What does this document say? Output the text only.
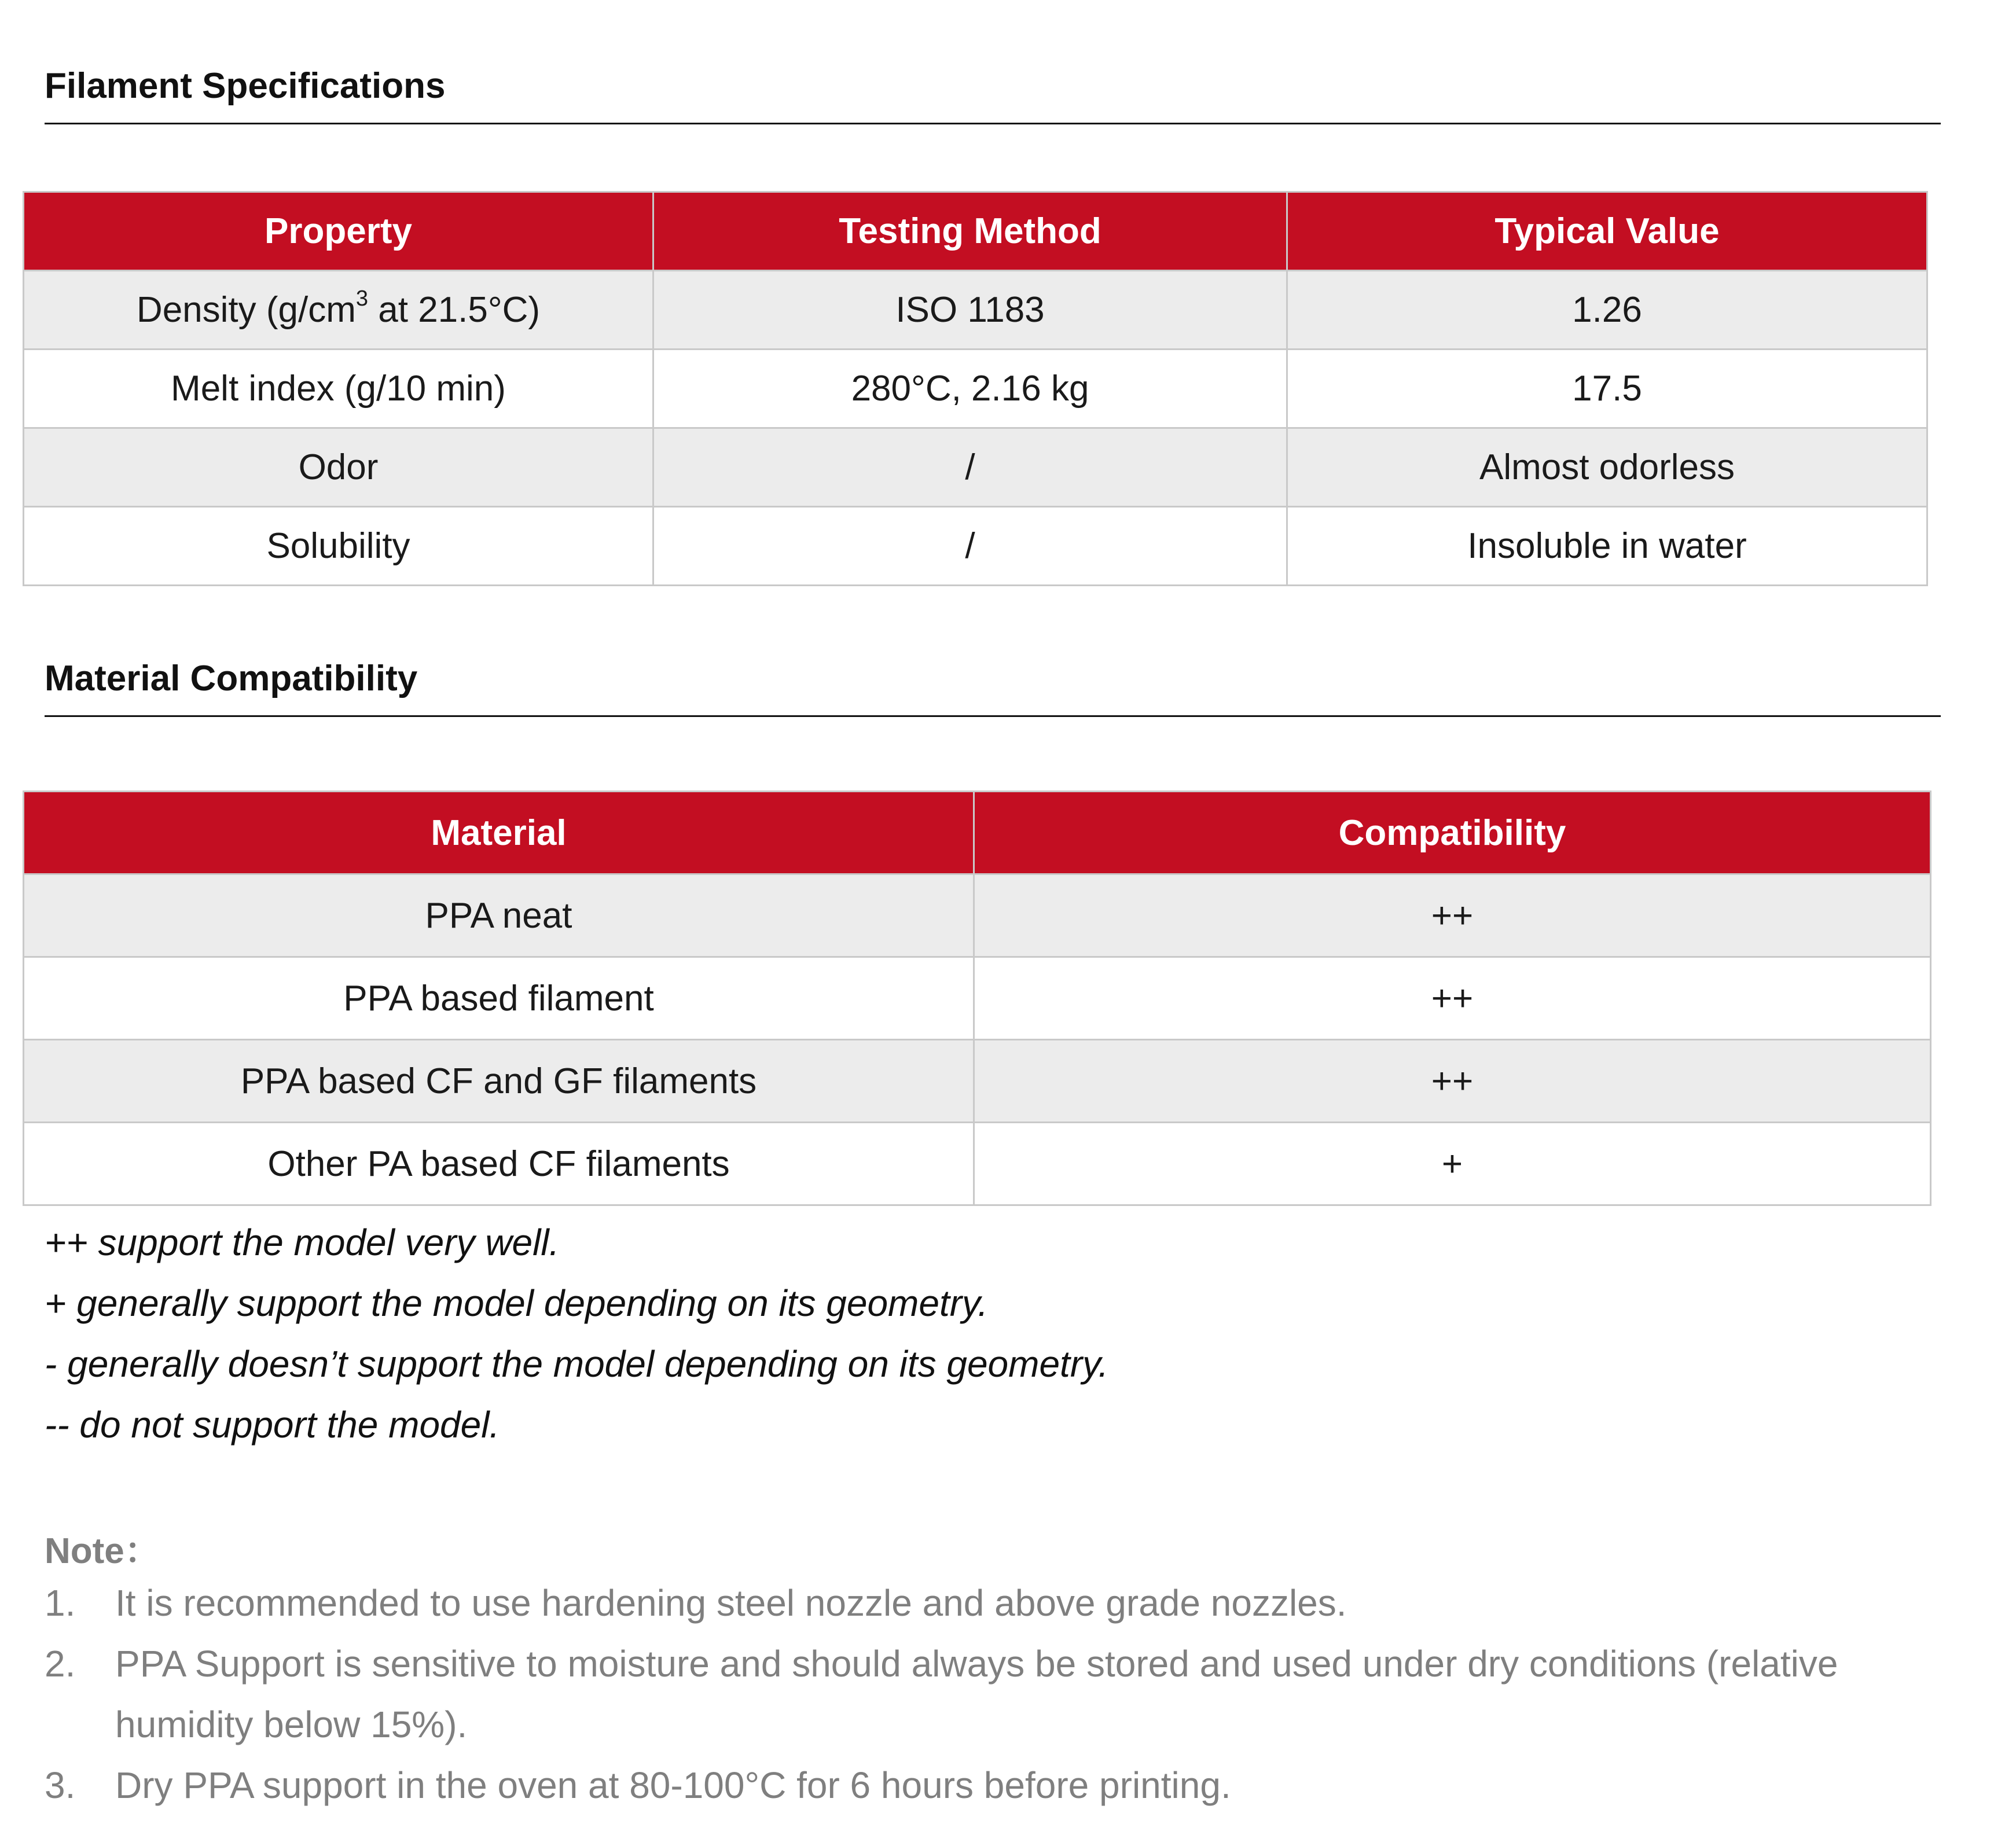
Filament Specifications
Property	Testing Method	Typical Value
Density ($g/cm^3$ at 21.5°C)	ISO 1183	1.26
Melt index (g/10 min)	280°C, 2.16 kg	17.5
Odor	/	Almost odorless
Solubility	/	Insoluble in water
Material Compatibility
Material	Compatibility
PPA neat	++
PPA based filament	++
PPA based CF and GF filaments	++
Other PA based CF filaments	+
++ support the model very well.
+ generally support the model depending on its geometry.
- generally doesn’t support the model depending on its geometry.
-- do not support the model.
Note：
1.	It is recommended to use hardening steel nozzle and above grade nozzles.
2.	PPA Support is sensitive to moisture and should always be stored and used under dry conditions (relative humidity below 15%).
3.	Dry PPA support in the oven at 80-100°C for 6 hours before printing.
